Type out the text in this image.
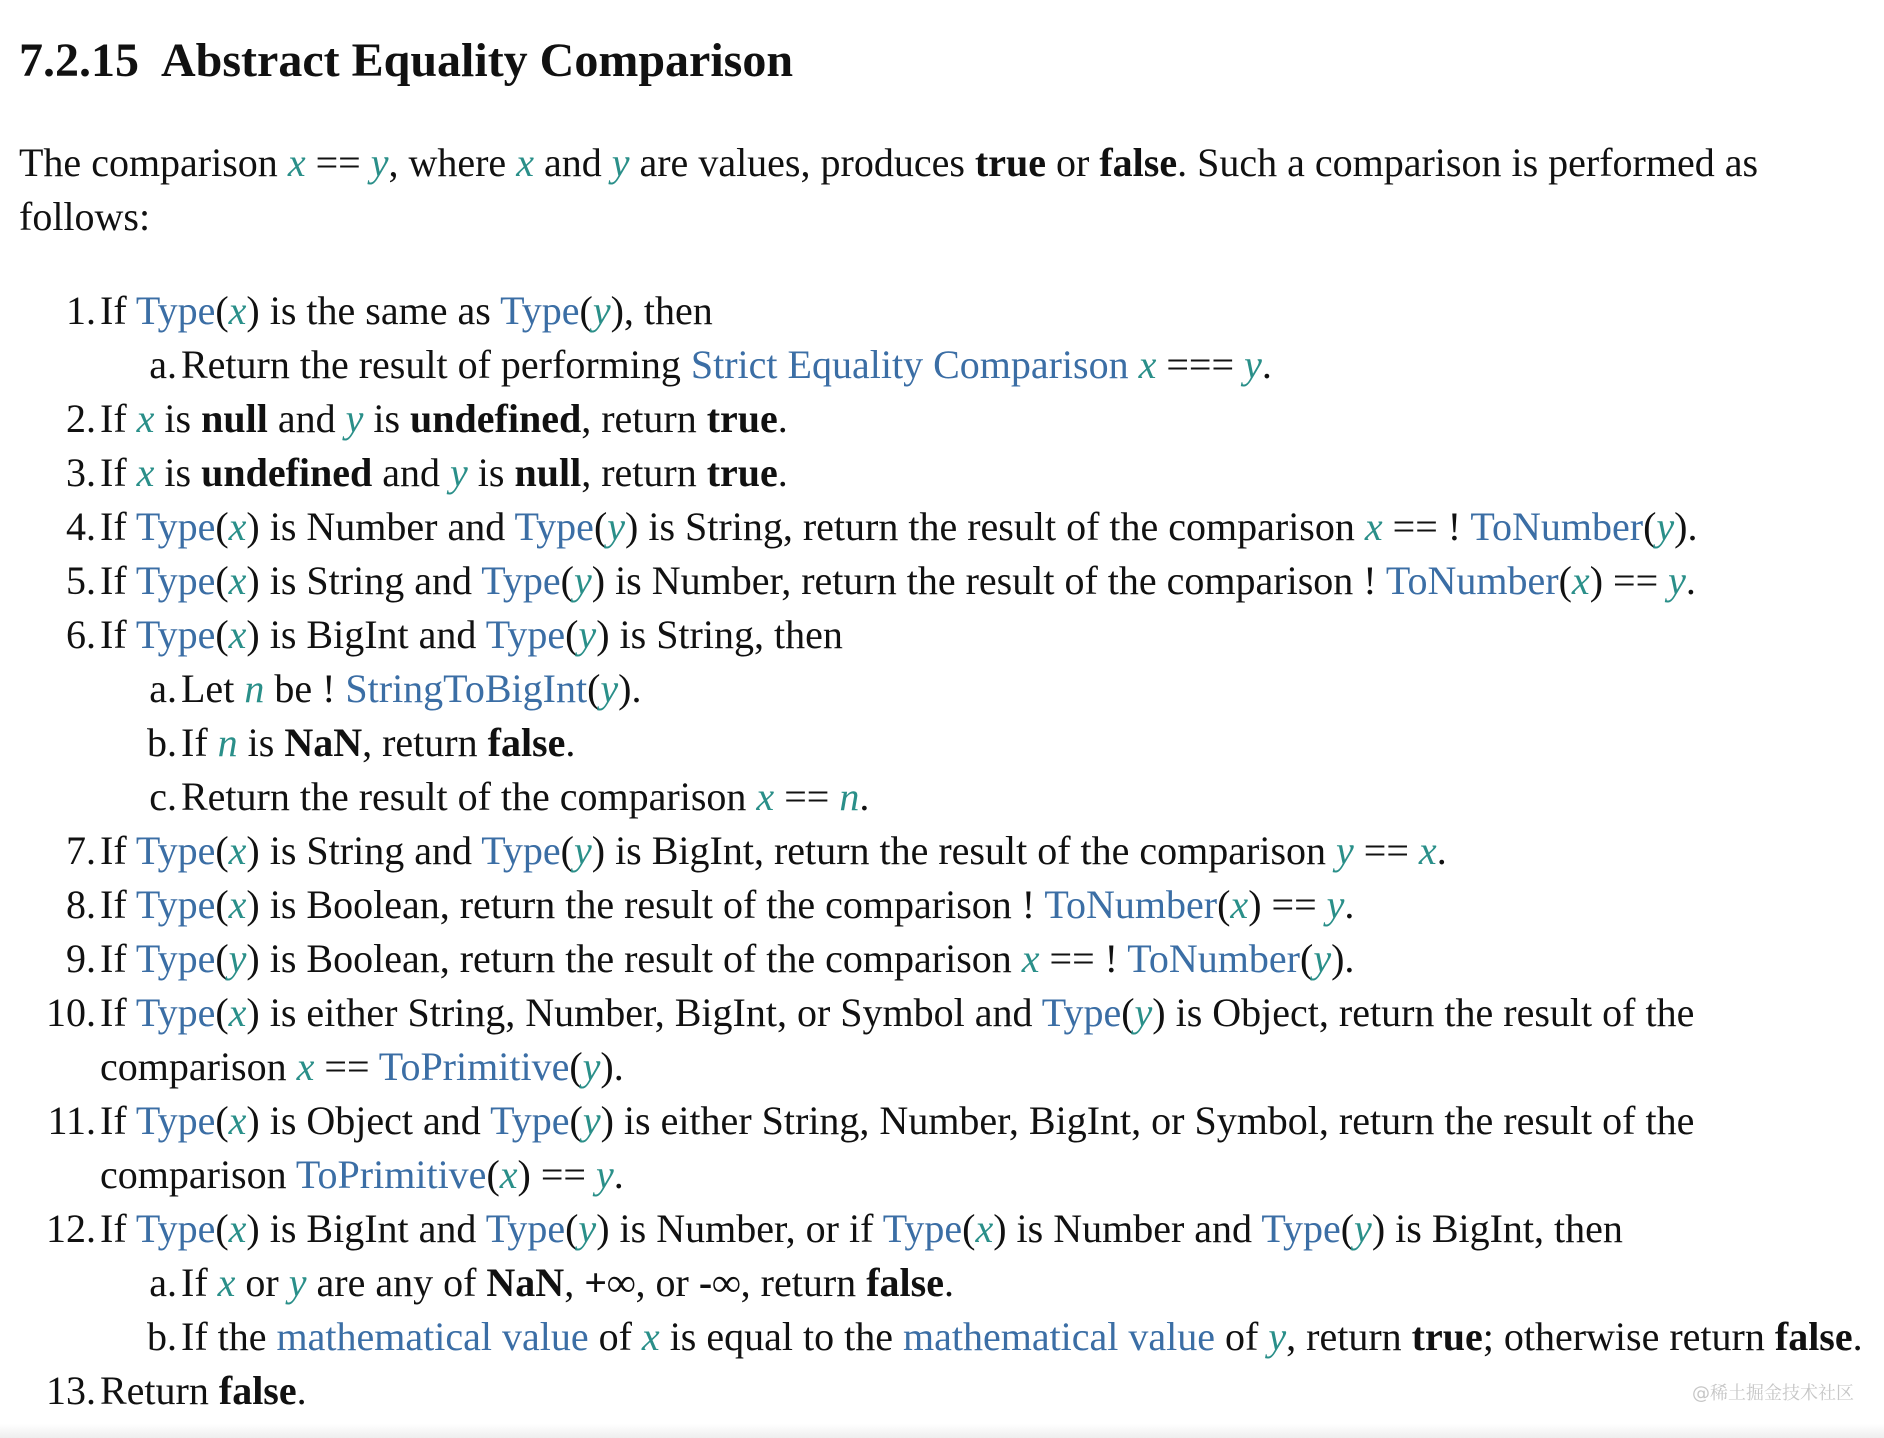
7.2.15 Abstract Equality Comparison

The comparison x == y, where x and y are values, produces true or false. Such a comparison is performed as follows:

1. If Type(x) is the same as Type(y), then
a. Return the result of performing Strict Equality Comparison x === y.
2. If x is null and y is undefined, return true.
3. If x is undefined and y is null, return true.
4. If Type(x) is Number and Type(y) is String, return the result of the comparison x == ! ToNumber(y).
5. If Type(x) is String and Type(y) is Number, return the result of the comparison ! ToNumber(x) == y.
6. If Type(x) is BigInt and Type(y) is String, then
a. Let n be ! StringToBigInt(y).
b. If n is NaN, return false.
c. Return the result of the comparison x == n.
7. If Type(x) is String and Type(y) is BigInt, return the result of the comparison y == x.
8. If Type(x) is Boolean, return the result of the comparison ! ToNumber(x) == y.
9. If Type(y) is Boolean, return the result of the comparison x == ! ToNumber(y).
10. If Type(x) is either String, Number, BigInt, or Symbol and Type(y) is Object, return the result of the
comparison x == ToPrimitive(y).
11. If Type(x) is Object and Type(y) is either String, Number, BigInt, or Symbol, return the result of the
comparison ToPrimitive(x) == y.
12. If Type(x) is BigInt and Type(y) is Number, or if Type(x) is Number and Type(y) is BigInt, then
a. If x or y are any of NaN, +∞, or -∞, return false.
b. If the mathematical value of x is equal to the mathematical value of y, return true; otherwise return false.
13. Return false.	@稀土掘金技术社区
